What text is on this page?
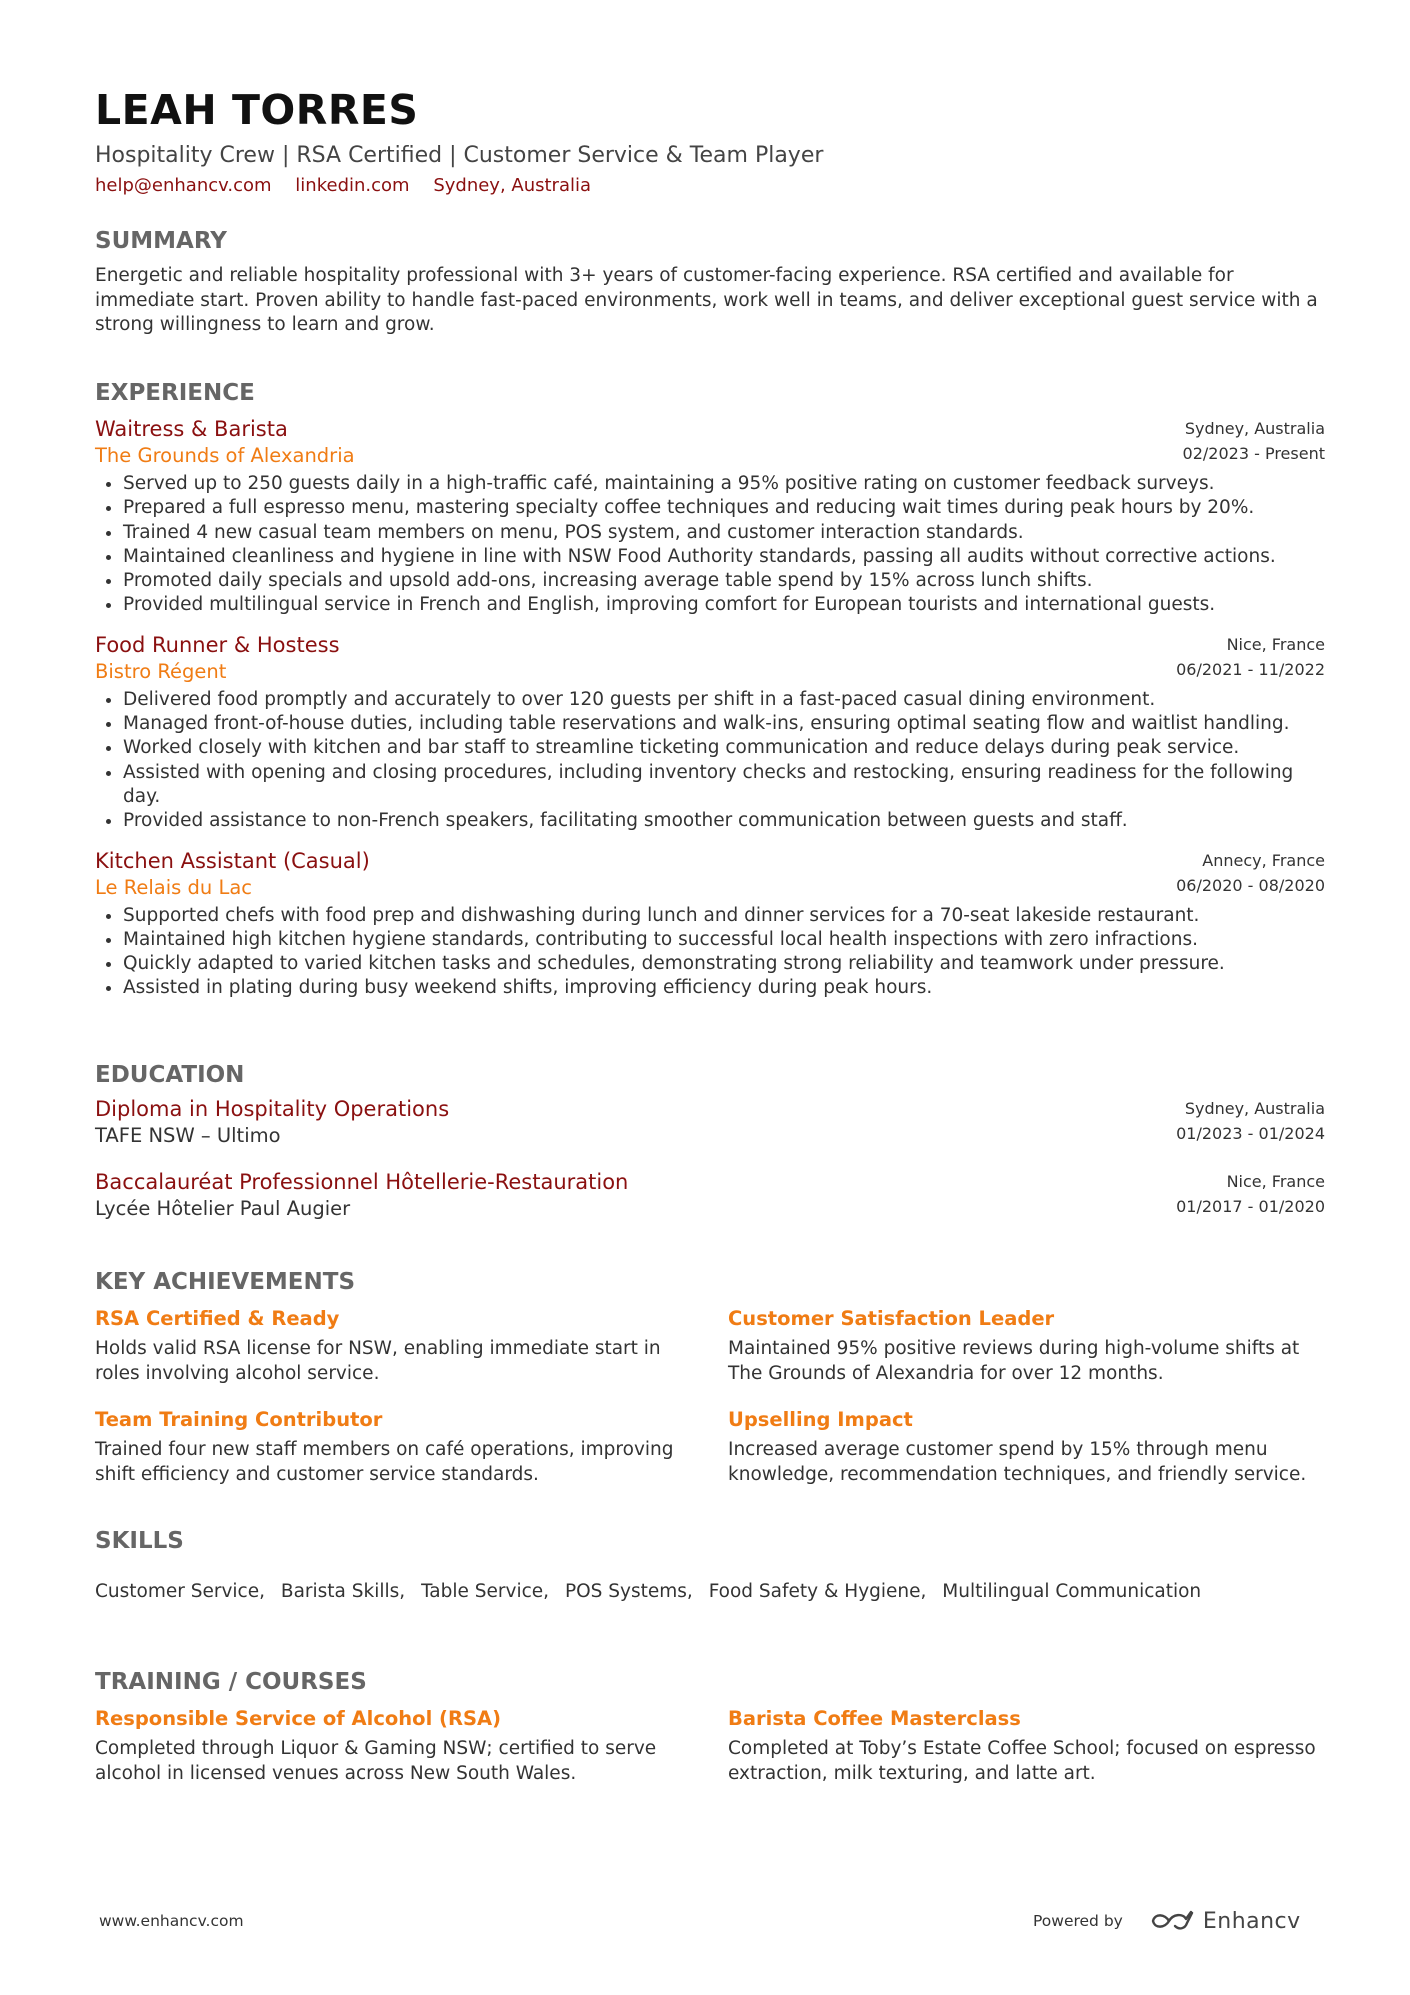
LEAH TORRES
Hospitality Crew | RSA Certified | Customer Service & Team Player
help@enhancv.com linkedin.com Sydney, Australia
SUMMARY
Energetic and reliable hospitality professional with 3+ years of customer-facing experience. RSA certified and available for immediate start. Proven ability to handle fast-paced environments, work well in teams, and deliver exceptional guest service with a strong willingness to learn and grow.
EXPERIENCE
Waitress & Barista
The Grounds of Alexandria
Sydney, Australia
02/2023 - Present
• Served up to 250 guests daily in a high-traffic café, maintaining a 95% positive rating on customer feedback surveys.
• Prepared a full espresso menu, mastering specialty coffee techniques and reducing wait times during peak hours by 20%.
• Trained 4 new casual team members on menu, POS system, and customer interaction standards.
• Maintained cleanliness and hygiene in line with NSW Food Authority standards, passing all audits without corrective actions.
• Promoted daily specials and upsold add-ons, increasing average table spend by 15% across lunch shifts.
• Provided multilingual service in French and English, improving comfort for European tourists and international guests.
Food Runner & Hostess
Bistro Régent
Nice, France
06/2021 - 11/2022
• Delivered food promptly and accurately to over 120 guests per shift in a fast-paced casual dining environment.
• Managed front-of-house duties, including table reservations and walk-ins, ensuring optimal seating flow and waitlist handling.
• Worked closely with kitchen and bar staff to streamline ticketing communication and reduce delays during peak service.
• Assisted with opening and closing procedures, including inventory checks and restocking, ensuring readiness for the following day.
• Provided assistance to non-French speakers, facilitating smoother communication between guests and staff.
Kitchen Assistant (Casual)
Le Relais du Lac
Annecy, France
06/2020 - 08/2020
• Supported chefs with food prep and dishwashing during lunch and dinner services for a 70-seat lakeside restaurant.
• Maintained high kitchen hygiene standards, contributing to successful local health inspections with zero infractions.
• Quickly adapted to varied kitchen tasks and schedules, demonstrating strong reliability and teamwork under pressure.
• Assisted in plating during busy weekend shifts, improving efficiency during peak hours.
EDUCATION
Diploma in Hospitality Operations
TAFE NSW – Ultimo
Sydney, Australia
01/2023 - 01/2024
Baccalauréat Professionnel Hôtellerie-Restauration
Lycée Hôtelier Paul Augier
Nice, France
01/2017 - 01/2020
KEY ACHIEVEMENTS
RSA Certified & Ready
Holds valid RSA license for NSW, enabling immediate start in roles involving alcohol service.
Customer Satisfaction Leader
Maintained 95% positive reviews during high-volume shifts at The Grounds of Alexandria for over 12 months.
Team Training Contributor
Trained four new staff members on café operations, improving shift efficiency and customer service standards.
Upselling Impact
Increased average customer spend by 15% through menu knowledge, recommendation techniques, and friendly service.
SKILLS
Customer Service, Barista Skills, Table Service, POS Systems, Food Safety & Hygiene, Multilingual Communication
TRAINING / COURSES
Responsible Service of Alcohol (RSA)
Completed through Liquor & Gaming NSW; certified to serve alcohol in licensed venues across New South Wales.
Barista Coffee Masterclass
Completed at Toby’s Estate Coffee School; focused on espresso extraction, milk texturing, and latte art.
www.enhancv.com	Powered by	Enhancv
